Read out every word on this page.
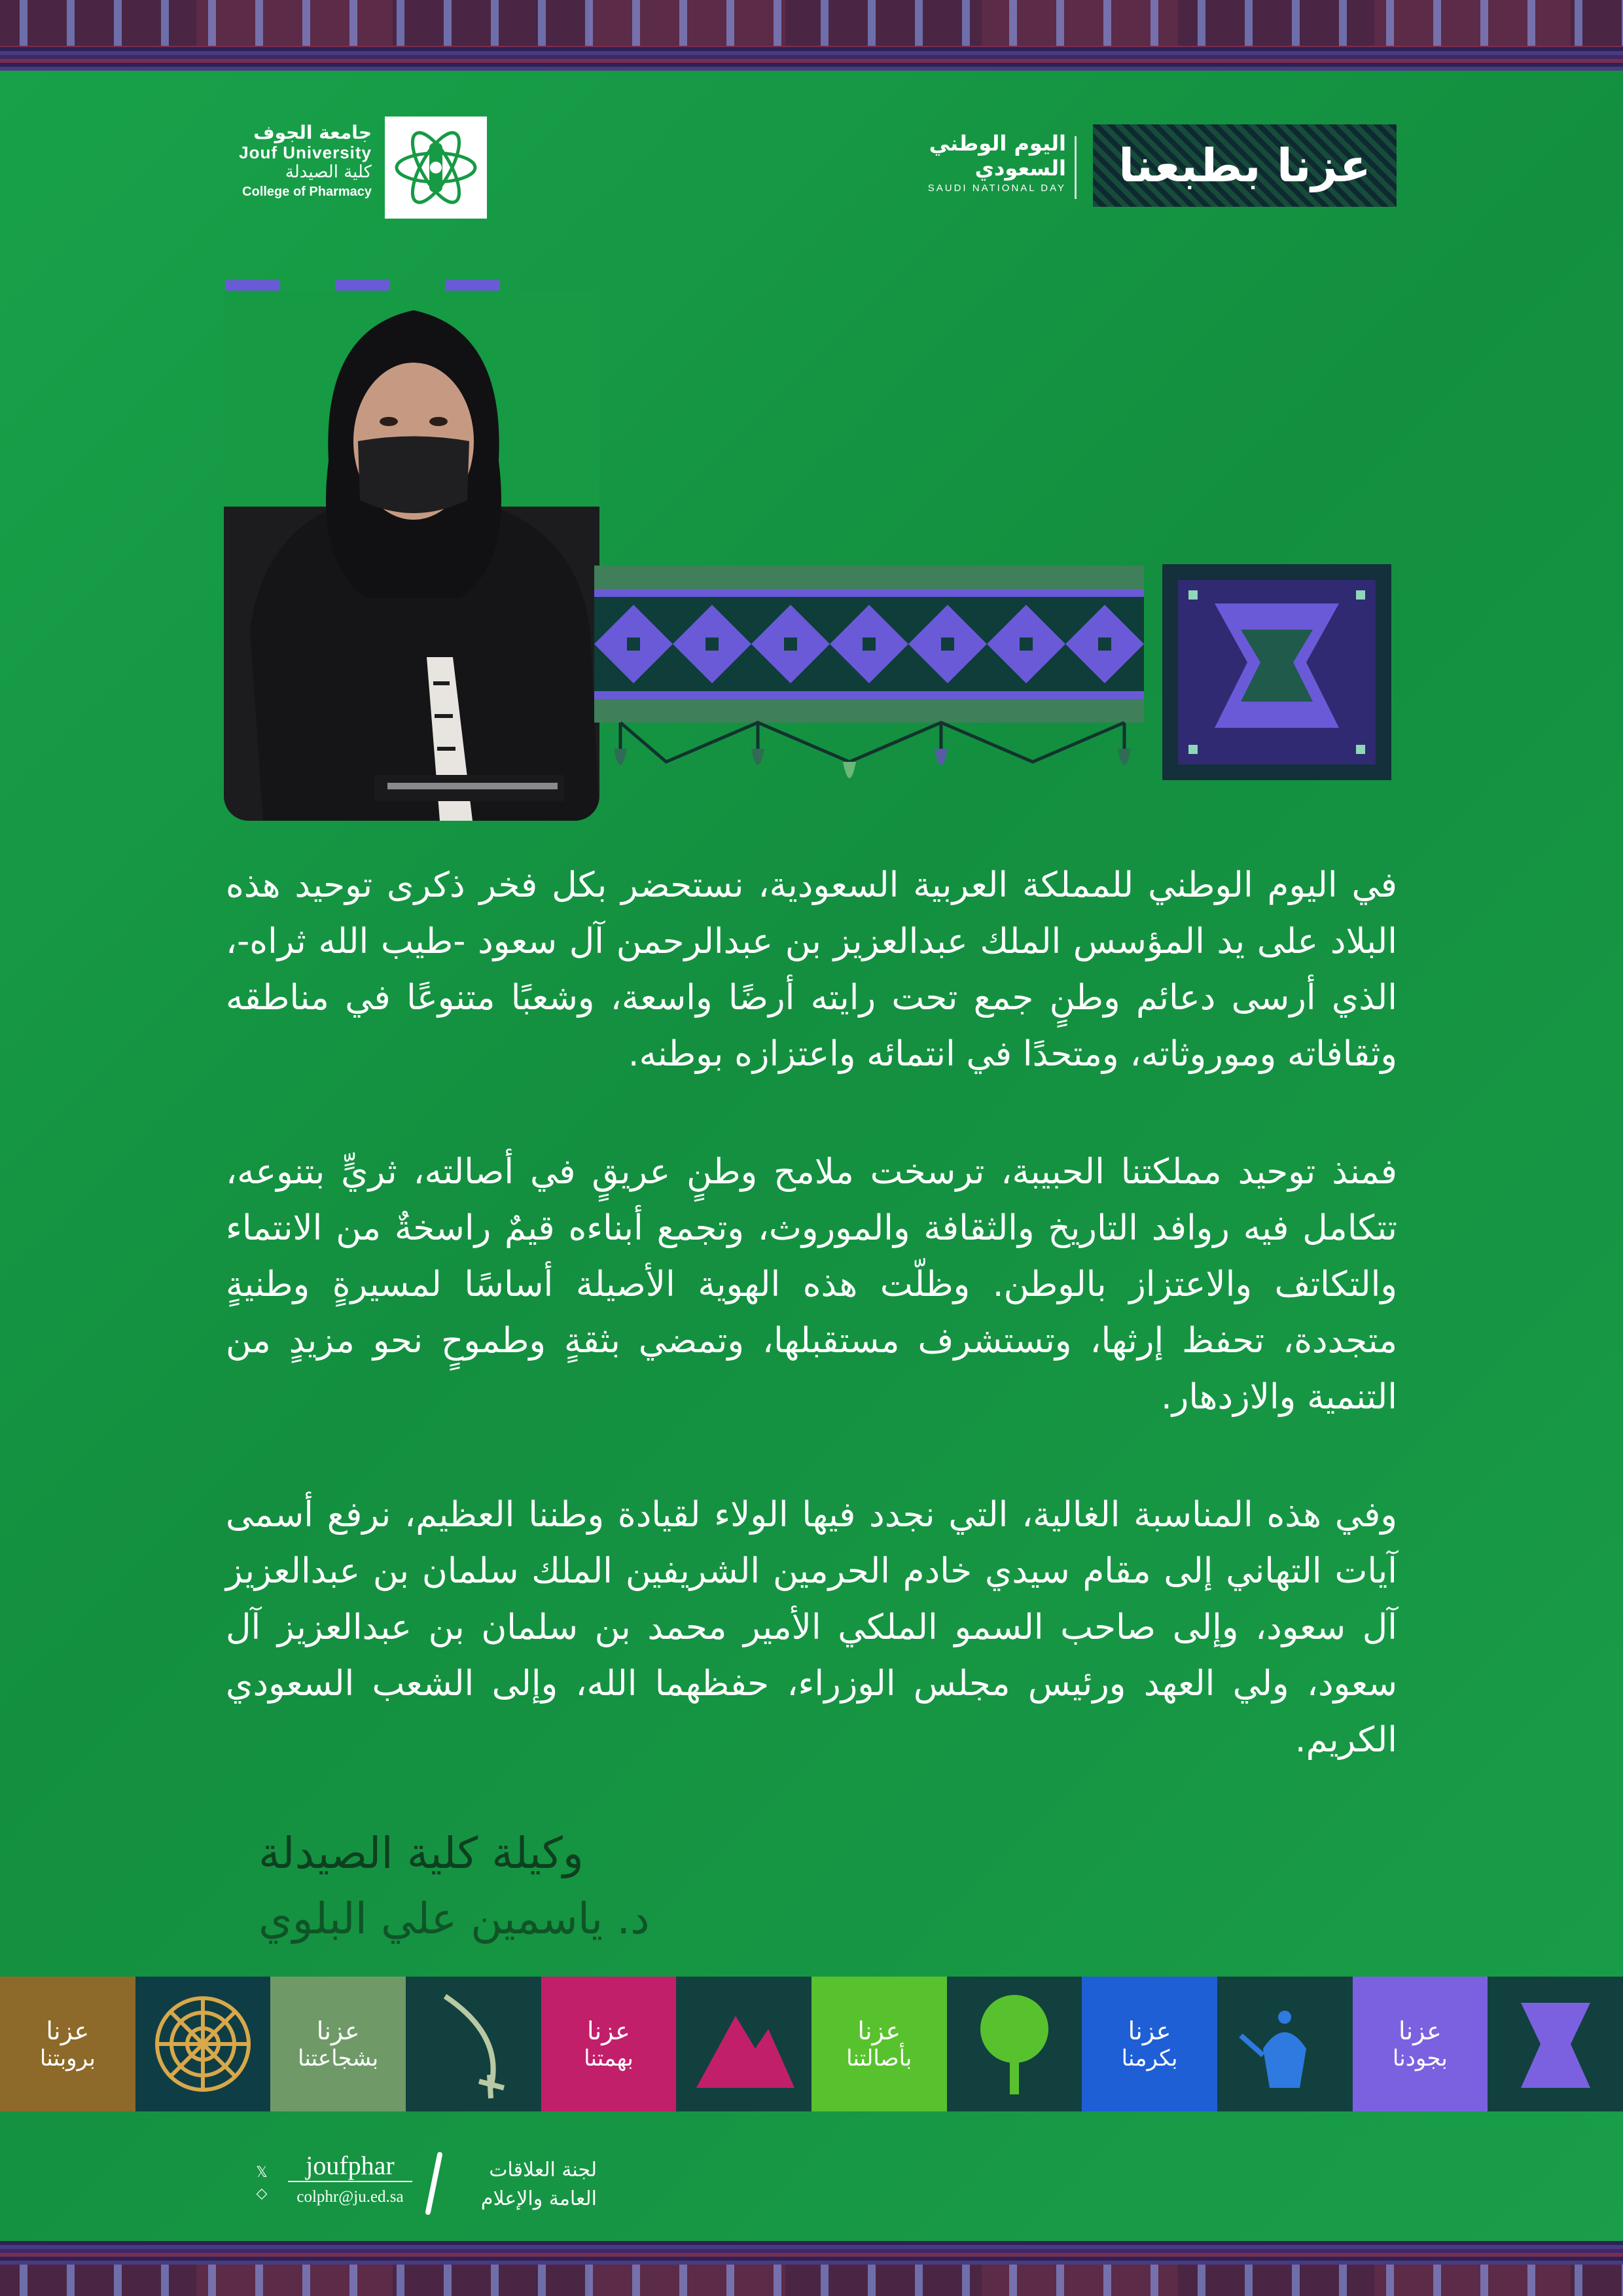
جامعة الجوف
Jouf University
كلية الصيدلة
College of Pharmacy
اليوم الوطني
السعودي
SAUDI NATIONAL DAY عزنا بطبعنا

في اليوم الوطني للمملكة العربية السعودية، نستحضر بكل فخر ذكرى توحيد هذه البلاد على يد المؤسس الملك عبدالعزيز بن عبدالرحمن آل سعود -طيب الله ثراه-، الذي أرسى دعائم وطنٍ جمع تحت رايته أرضًا واسعة، وشعبًا متنوعًا في مناطقه وثقافاته وموروثاته، ومتحدًا في انتمائه واعتزازه بوطنه.

فمنذ توحيد مملكتنا الحبيبة، ترسخت ملامح وطنٍ عريقٍ في أصالته، ثريٍّ بتنوعه، تتكامل فيه روافد التاريخ والثقافة والموروث، وتجمع أبناءه قيمٌ راسخةٌ من الانتماء والتكاتف والاعتزاز بالوطن. وظلّت هذه الهوية الأصيلة أساسًا لمسيرةٍ وطنيةٍ متجددة، تحفظ إرثها، وتستشرف مستقبلها، وتمضي بثقةٍ وطموحٍ نحو مزيدٍ من التنمية والازدهار.

وفي هذه المناسبة الغالية، التي نجدد فيها الولاء لقيادة وطننا العظيم، نرفع أسمى آيات التهاني إلى مقام سيدي خادم الحرمين الشريفين الملك سلمان بن عبدالعزيز آل سعود، وإلى صاحب السمو الملكي الأمير محمد بن سلمان بن عبدالعزيز آل سعود، ولي العهد ورئيس مجلس الوزراء، حفظهما الله، وإلى الشعب السعودي الكريم.

وكيلة كلية الصيدلة
د. ياسمين علي البلوي
عزنا
بروبتنا
عزنا
بشجاعتنا
عزنا
بهمتنا
عزنا
بأصالتنا
عزنا
بكرمنا
عزنا
بجودنا
𝕏
◇
joufphar
colphr@ju.ed.sa
لجنة العلاقات
العامة والإعلام
